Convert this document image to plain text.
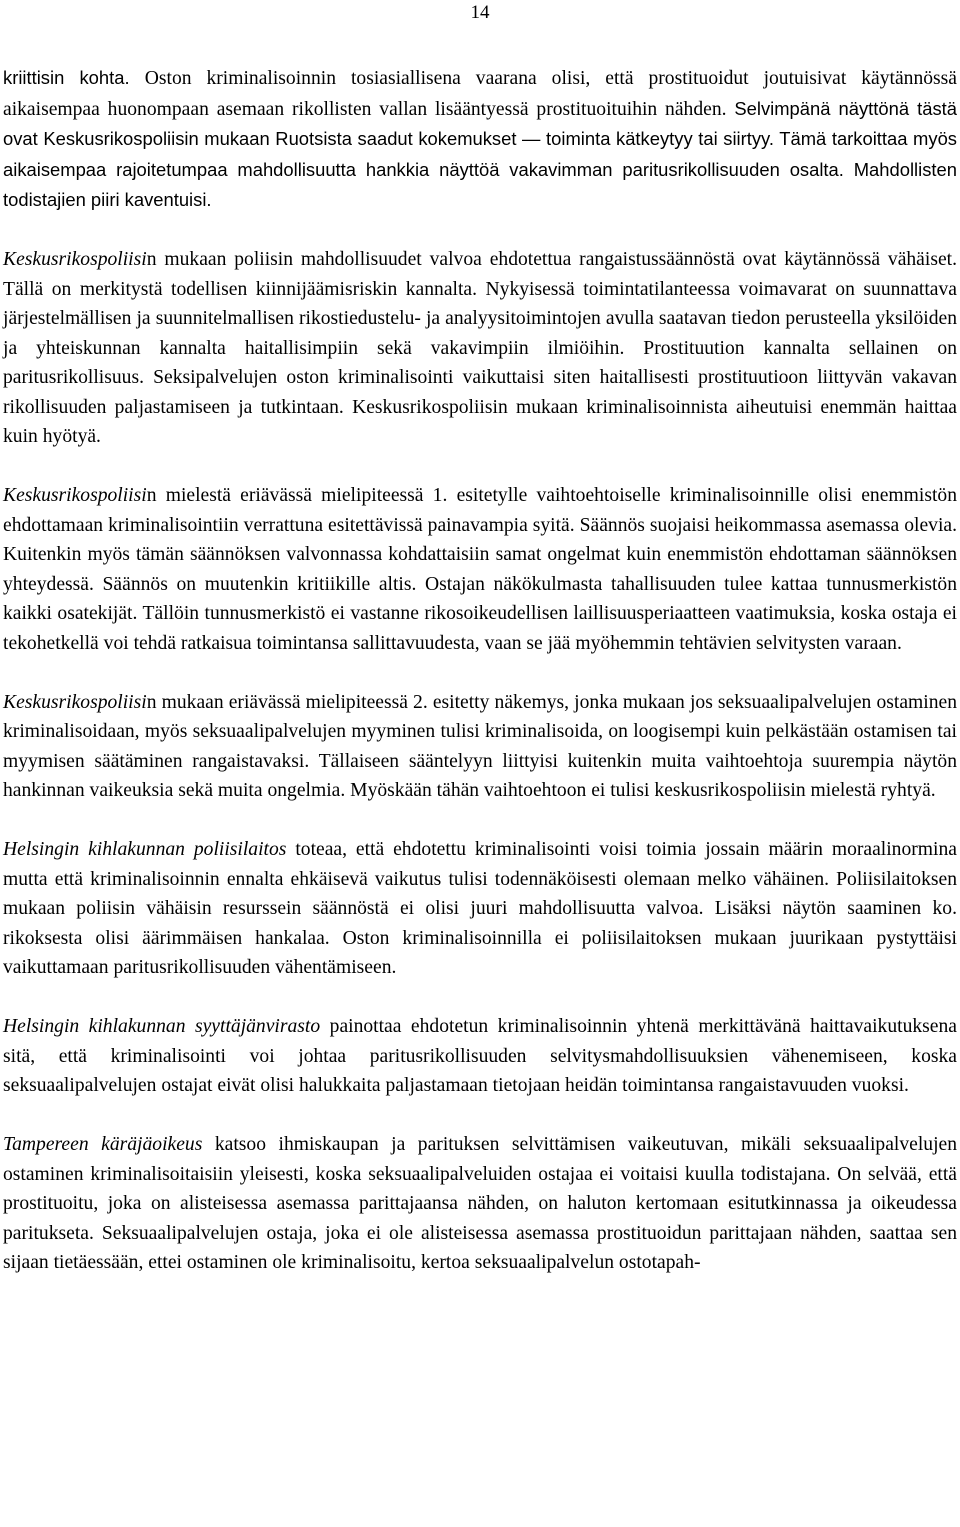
14

kriittisin kohta. Oston kriminalisoinnin tosiasiallisena vaarana olisi, että prostituoidut joutuisivat käytännössä aikaisempaa huonompaan asemaan rikollisten vallan lisääntyessä prostituoituihin nähden. Selvimpänä näyttönä tästä ovat Keskusrikospoliisin mukaan Ruotsista saadut kokemukset — toiminta kätkeytyy tai siirtyy. Tämä tarkoittaa myös aikaisempaa rajoitetumpaa mahdollisuutta hankkia näyttöä vakavimman paritusrikollisuuden osalta. Mahdollisten todistajien piiri kaventuisi.

Keskusrikospoliisin mukaan poliisin mahdollisuudet valvoa ehdotettua rangaistussäännöstä ovat käytännössä vähäiset. Tällä on merkitystä todellisen kiinnijäämisriskin kannalta. Nykyisessä toimintatilanteessa voimavarat on suunnattava järjestelmällisen ja suunnitelmallisen rikostiedustelu- ja analyysitoimintojen avulla saatavan tiedon perusteella yksilöiden ja yhteiskunnan kannalta haitallisimpiin sekä vakavimpiin ilmiöihin. Prostituution kannalta sellainen on paritusrikollisuus. Seksipalvelujen oston kriminalisointi vaikuttaisi siten haitallisesti prostituutioon liittyvän vakavan rikollisuuden paljastamiseen ja tutkintaan. Keskusrikospoliisin mukaan kriminalisoinnista aiheutuisi enemmän haittaa kuin hyötyä.

Keskusrikospoliisin mielestä eriävässä mielipiteessä 1. esitetylle vaihtoehtoiselle kriminalisoinnille olisi enemmistön ehdottamaan kriminalisointiin verrattuna esitettävissä painavampia syitä. Säännös suojaisi heikommassa asemassa olevia. Kuitenkin myös tämän säännöksen valvonnassa kohdattaisiin samat ongelmat kuin enemmistön ehdottaman säännöksen yhteydessä. Säännös on muutenkin kritiikille altis. Ostajan näkökulmasta tahallisuuden tulee kattaa tunnusmerkistön kaikki osatekijät. Tällöin tunnusmerkistö ei vastanne rikosoikeudellisen laillisuusperiaatteen vaatimuksia, koska ostaja ei tekohetkellä voi tehdä ratkaisua toimintansa sallittavuudesta, vaan se jää myöhemmin tehtävien selvitysten varaan.

Keskusrikospoliisin mukaan eriävässä mielipiteessä 2. esitetty näkemys, jonka mukaan jos seksuaalipalvelujen ostaminen kriminalisoidaan, myös seksuaalipalvelujen myyminen tulisi kriminalisoida, on loogisempi kuin pelkästään ostamisen tai myymisen säätäminen rangaistavaksi. Tällaiseen sääntelyyn liittyisi kuitenkin muita vaihtoehtoja suurempia näytön hankinnan vaikeuksia sekä muita ongelmia. Myöskään tähän vaihtoehtoon ei tulisi keskusrikospoliisin mielestä ryhtyä.

Helsingin kihlakunnan poliisilaitos toteaa, että ehdotettu kriminalisointi voisi toimia jossain määrin moraalinormina mutta että kriminalisoinnin ennalta ehkäisevä vaikutus tulisi todennäköisesti olemaan melko vähäinen. Poliisilaitoksen mukaan poliisin vähäisin resurssein säännöstä ei olisi juuri mahdollisuutta valvoa. Lisäksi näytön saaminen ko. rikoksesta olisi äärimmäisen hankalaa. Oston kriminalisoinnilla ei poliisilaitoksen mukaan juurikaan pystyttäisi vaikuttamaan paritusrikollisuuden vähentämiseen.

Helsingin kihlakunnan syyttäjänvirasto painottaa ehdotetun kriminalisoinnin yhtenä merkittävänä haittavaikutuksena sitä, että kriminalisointi voi johtaa paritusrikollisuuden selvitysmahdollisuuksien vähenemiseen, koska seksuaalipalvelujen ostajat eivät olisi halukkaita paljastamaan tietojaan heidän toimintansa rangaistavuuden vuoksi.

Tampereen käräjäoikeus katsoo ihmiskaupan ja parituksen selvittämisen vaikeutuvan, mikäli seksuaalipalvelujen ostaminen kriminalisoitaisiin yleisesti, koska seksuaalipalveluiden ostajaa ei voitaisi kuulla todistajana. On selvää, että prostituoitu, joka on alisteisessa asemassa parittajaansa nähden, on haluton kertomaan esitutkinnassa ja oikeudessa paritukseta. Seksuaalipalvelujen ostaja, joka ei ole alisteisessa asemassa prostituoidun parittajaan nähden, saattaa sen sijaan tietäessään, ettei ostaminen ole kriminalisoitu, kertoa seksuaalipalvelun ostotapah-
